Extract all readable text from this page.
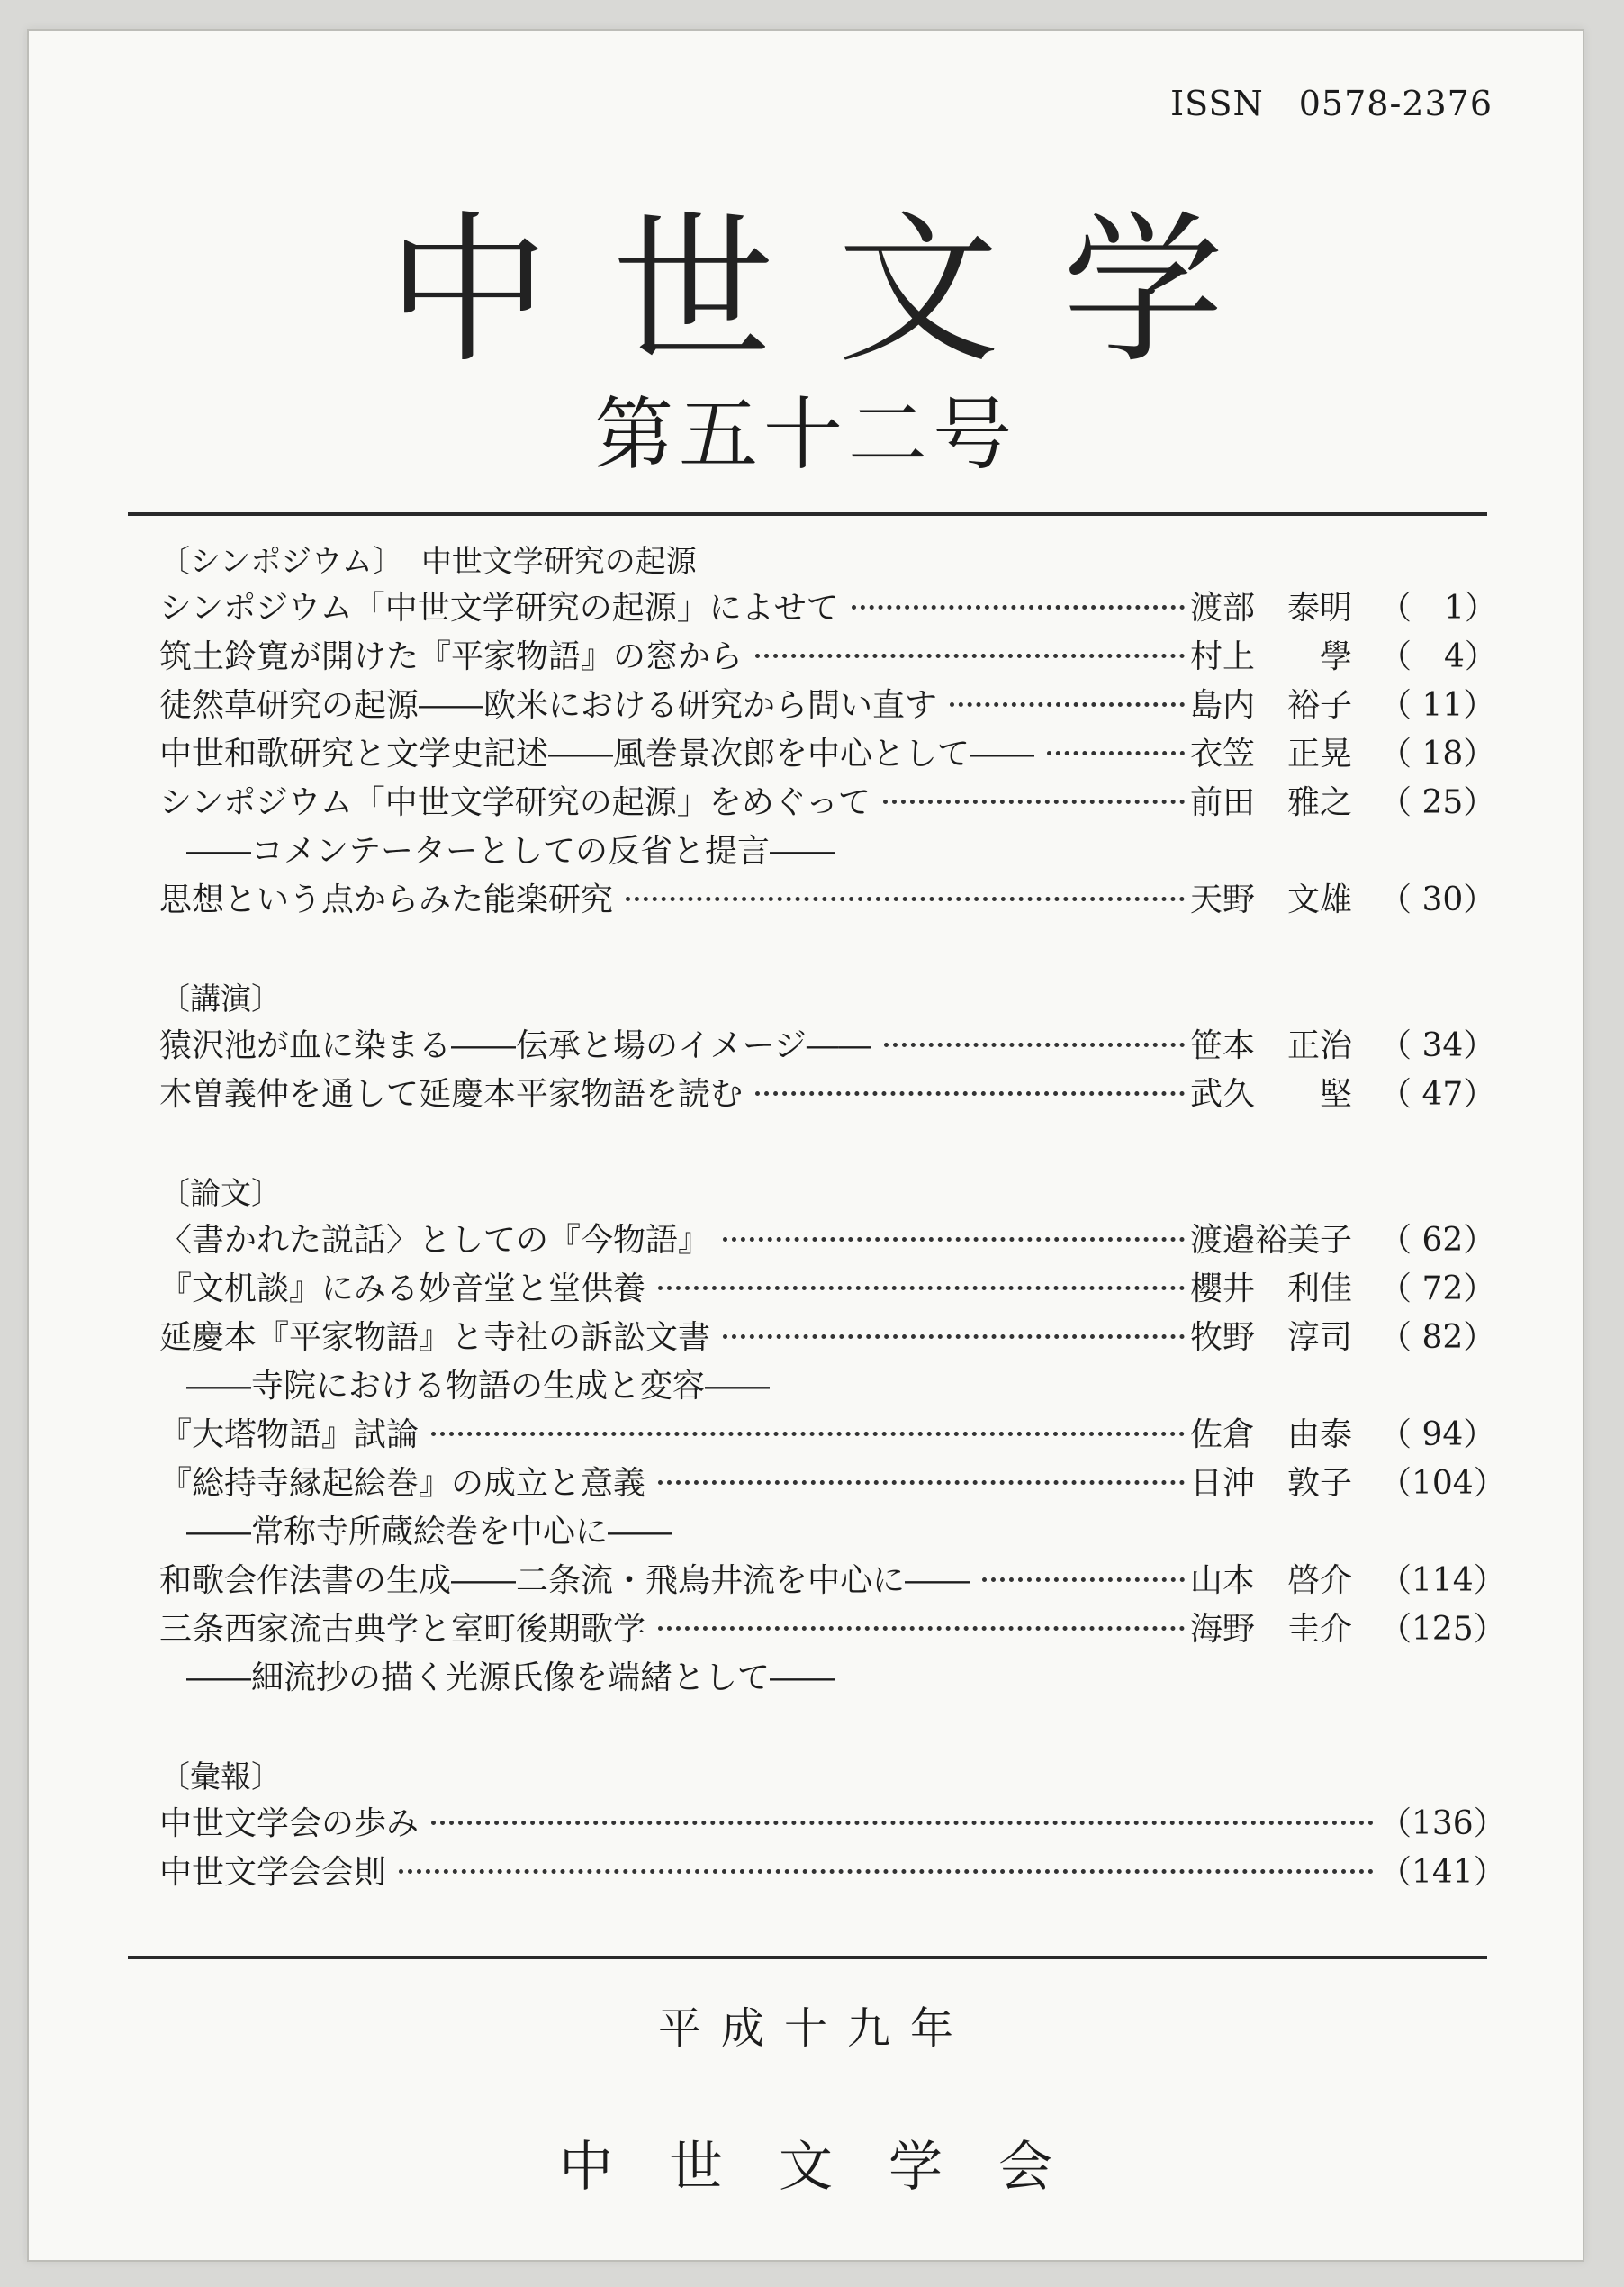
ISSN　0578-2376
中世文学
第五十二号
〔シンポジウム〕 中世文学研究の起源
シンポジウム「中世文学研究の起源」によせて	渡部　泰明 （　1）
筑土鈴寛が開けた『平家物語』の窓から	村上　　學 （　4）
徒然草研究の起源――欧米における研究から問い直す	島内　裕子 （ 11）
中世和歌研究と文学史記述――風巻景次郎を中心として――	衣笠　正晃 （ 18）
シンポジウム「中世文学研究の起源」をめぐって	前田　雅之 （ 25）
――コメンテーターとしての反省と提言――
思想という点からみた能楽研究	天野　文雄 （ 30）
〔講演〕
猿沢池が血に染まる――伝承と場のイメージ――	笹本　正治 （ 34）
木曽義仲を通して延慶本平家物語を読む	武久　　堅 （ 47）
〔論文〕
〈書かれた説話〉としての『今物語』	渡邉裕美子 （ 62）
『文机談』にみる妙音堂と堂供養	櫻井　利佳 （ 72）
延慶本『平家物語』と寺社の訴訟文書	牧野　淳司 （ 82）
――寺院における物語の生成と変容――
『大塔物語』試論	佐倉　由泰 （ 94）
『総持寺縁起絵巻』の成立と意義	日沖　敦子 （104）
――常称寺所蔵絵巻を中心に――
和歌会作法書の生成――二条流・飛鳥井流を中心に――	山本　啓介 （114）
三条西家流古典学と室町後期歌学	海野　圭介 （125）
――細流抄の描く光源氏像を端緒として――
〔彙報〕
中世文学会の歩み	（136）
中世文学会会則	（141）
平成十九年
中世文学会
